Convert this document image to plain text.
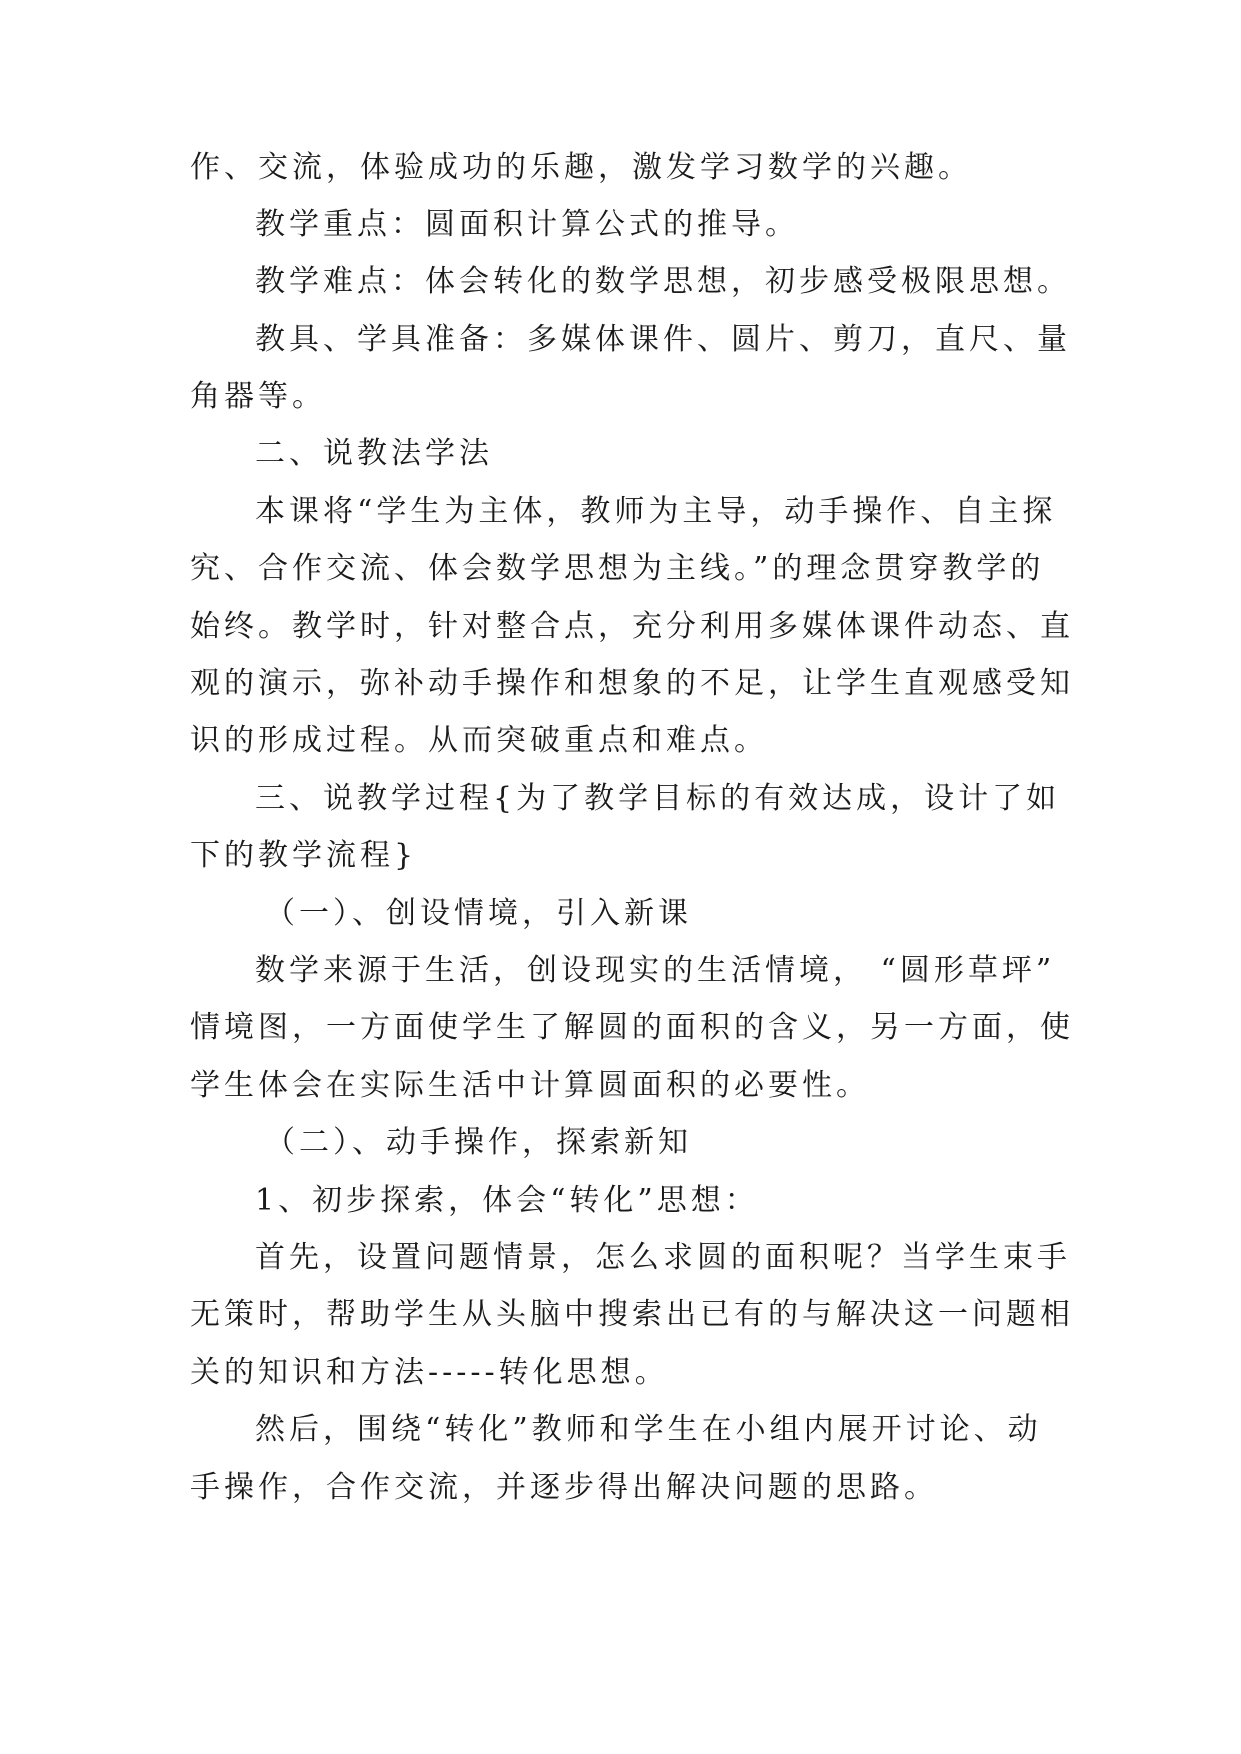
作、交流，体验成功的乐趣，激发学习数学的兴趣。
教学重点：圆面积计算公式的推导。
教学难点：体会转化的数学思想，初步感受极限思想。
教具、学具准备：多媒体课件、圆片、剪刀，直尺、量
角器等。
二、说教法学法
本课将“学生为主体，教师为主导，动手操作、自主探
究、合作交流、体会数学思想为主线。”的理念贯穿教学的
始终。教学时，针对整合点，充分利用多媒体课件动态、直
观的演示，弥补动手操作和想象的不足，让学生直观感受知
识的形成过程。从而突破重点和难点。
三、说教学过程{为了教学目标的有效达成，设计了如
下的教学流程}
（一）、创设情境，引入新课
数学来源于生活，创设现实的生活情境， “圆形草坪”
情境图，一方面使学生了解圆的面积的含义，另一方面，使
学生体会在实际生活中计算圆面积的必要性。
（二）、动手操作，探索新知
1、初步探索，体会“转化”思想：
首先，设置问题情景，怎么求圆的面积呢？当学生束手
无策时，帮助学生从头脑中搜索出已有的与解决这一问题相
关的知识和方法-----转化思想。
然后，围绕“转化”教师和学生在小组内展开讨论、动
手操作，合作交流，并逐步得出解决问题的思路。
